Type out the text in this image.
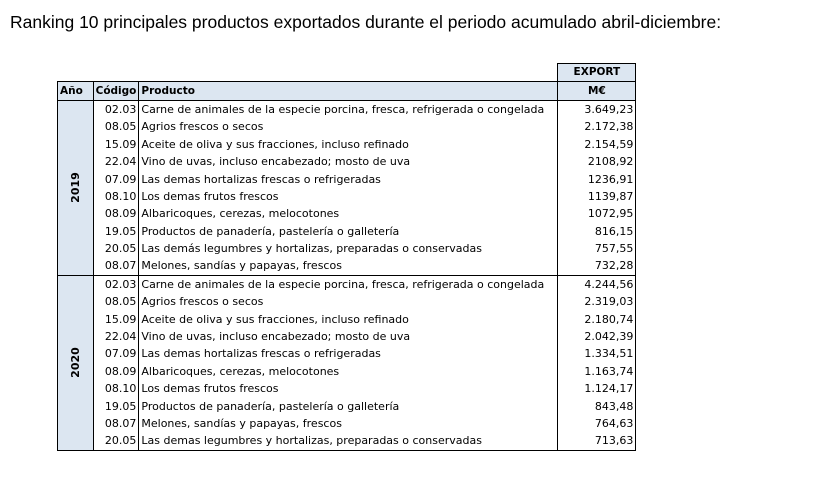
Ranking 10 principales productos exportados durante el periodo acumulado abril-diciembre:
			EXPORT
Año	Código	Producto	M€
2019	02.03	Carne de animales de la especie porcina, fresca, refrigerada o congelada	3.649,23
	08.05	Agrios frescos o secos	2.172,38
	15.09	Aceite de oliva y sus fracciones, incluso refinado	2.154,59
	22.04	Vino de uvas, incluso encabezado; mosto de uva	2108,92
	07.09	Las demas hortalizas frescas o refrigeradas	1236,91
	08.10	Los demas frutos frescos	1139,87
	08.09	Albaricoques, cerezas, melocotones	1072,95
	19.05	Productos de panadería, pastelería o galletería	816,15
	20.05	Las demás legumbres y hortalizas, preparadas o conservadas	757,55
	08.07	Melones, sandías y papayas, frescos	732,28
2020	02.03	Carne de animales de la especie porcina, fresca, refrigerada o congelada	4.244,56
	08.05	Agrios frescos o secos	2.319,03
	15.09	Aceite de oliva y sus fracciones, incluso refinado	2.180,74
	22.04	Vino de uvas, incluso encabezado; mosto de uva	2.042,39
	07.09	Las demas hortalizas frescas o refrigeradas	1.334,51
	08.09	Albaricoques, cerezas, melocotones	1.163,74
	08.10	Los demas frutos frescos	1.124,17
	19.05	Productos de panadería, pastelería o galletería	843,48
	08.07	Melones, sandías y papayas, frescos	764,63
	20.05	Las demas legumbres y hortalizas, preparadas o conservadas	713,63
